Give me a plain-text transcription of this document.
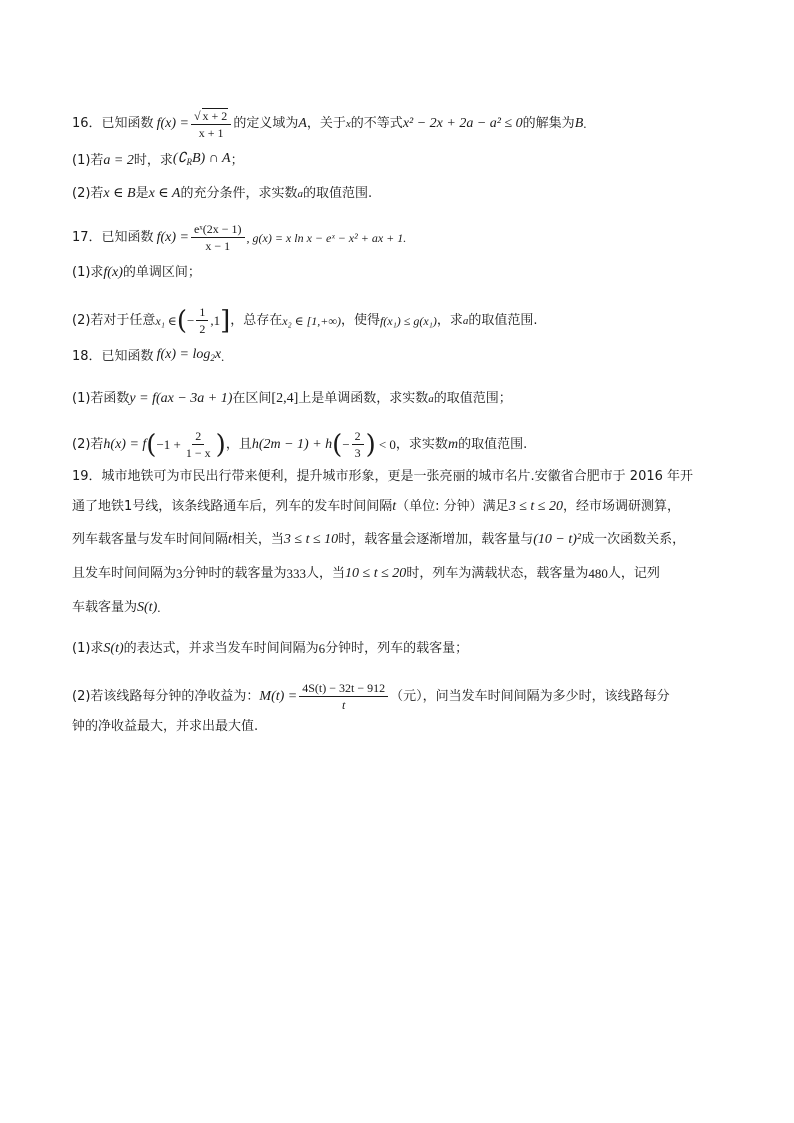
16． 已知函数 $f(x) = \frac{√ x + 2}{x + 1}$ 的定义域为 A ，关于 x 的不等式 x² − 2x + 2a − a² ≤ 0 的解集为 B .
(1)若 a = 2 时，求 $(∁_RB)$ ∩ A ；
(2)若 x ∈ B 是 x ∈ A 的充分条件，求实数 a 的取值范围.
17． 已知函数 $f(x) = \frac{\text{eˣ(2x − 1)}}{x - 1}$ , g(x) = x ln x − eˣ − x² + ax + 1.
(1)求 f(x) 的单调区间；
(2)若对于任意 x₁ ∈ ( − $\frac{1}{2} ,1$ ] ，总存在 x₂ ∈ [1,+∞) ，使得 f(x₁) ≤ g(x₁) ，求 a 的取值范围.
18． 已知函数 $f(x) = \log_2x$ .
(1)若函数 y = f(ax − 3a + 1) 在区间 [2,4] 上是单调函数，求实数 a 的取值范围；
(2)若 h(x) = f ( $-1 + \frac{2}{1 - x}$ ) ，且 h(2m − 1) + h ( − $\frac{2}{3}$ ) < 0 ，求实数 m 的取值范围.
19． 城市地铁可为市民出行带来便利，提升城市形象，更是一张亮丽的城市名片.安徽省合肥市于 2016 年开
通了地铁1号线，该条线路通车后，列车的发车时间间隔 t （单位: 分钟）满足 3 ≤ t ≤ 20 ，经市场调研测算，
列车载客量与发车时间间隔 t 相关，当 3 ≤ t ≤ 10 时，载客量会逐渐增加，载客量与 (10 − t)² 成一次函数关系，
且发车时间间隔为 3 分钟时的载客量为 333 人，当 10 ≤ t ≤ 20 时，列车为满载状态，载客量为 480 人，记列
车载客量为 S(t) .
(1)求 S(t) 的表达式，并求当发车时间间隔为 6 分钟时，列车的载客量；
(2)若该线路每分钟的净收益为： $M(t) = \frac{4S(t) - 32t - 912}{t}$ （元），问当发车时间间隔为多少时，该线路每分
钟的净收益最大，并求出最大值.
